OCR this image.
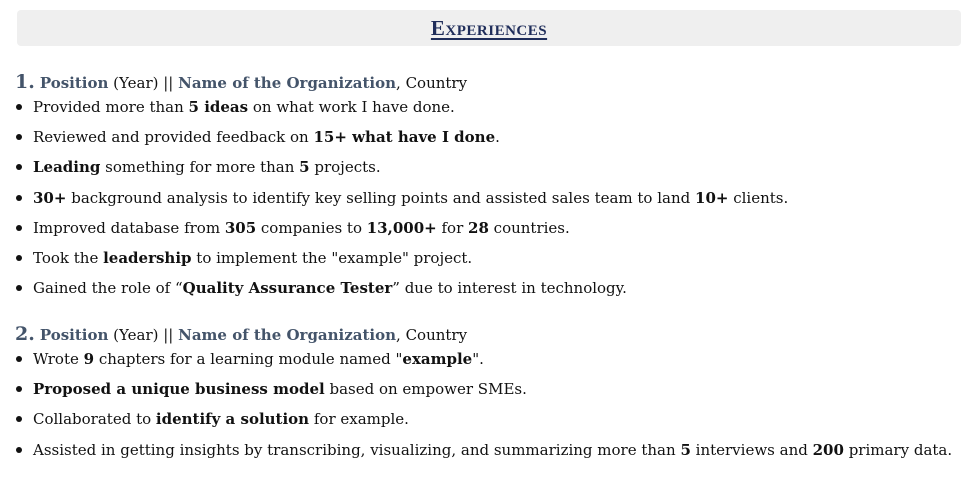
Experiences
1. Position (Year) || Name of the Organization, Country
Provided more than 5 ideas on what work I have done.
Reviewed and provided feedback on 15+ what have I done.
Leading something for more than 5 projects.
30+ background analysis to identify key selling points and assisted sales team to land 10+ clients.
Improved database from 305 companies to 13,000+ for 28 countries.
Took the leadership to implement the "example" project.
Gained the role of “Quality Assurance Tester” due to interest in technology.
2. Position (Year) || Name of the Organization, Country
Wrote 9 chapters for a learning module named "example".
Proposed a unique business model based on empower SMEs.
Collaborated to identify a solution for example.
Assisted in getting insights by transcribing, visualizing, and summarizing more than 5 interviews and 200 primary data.
